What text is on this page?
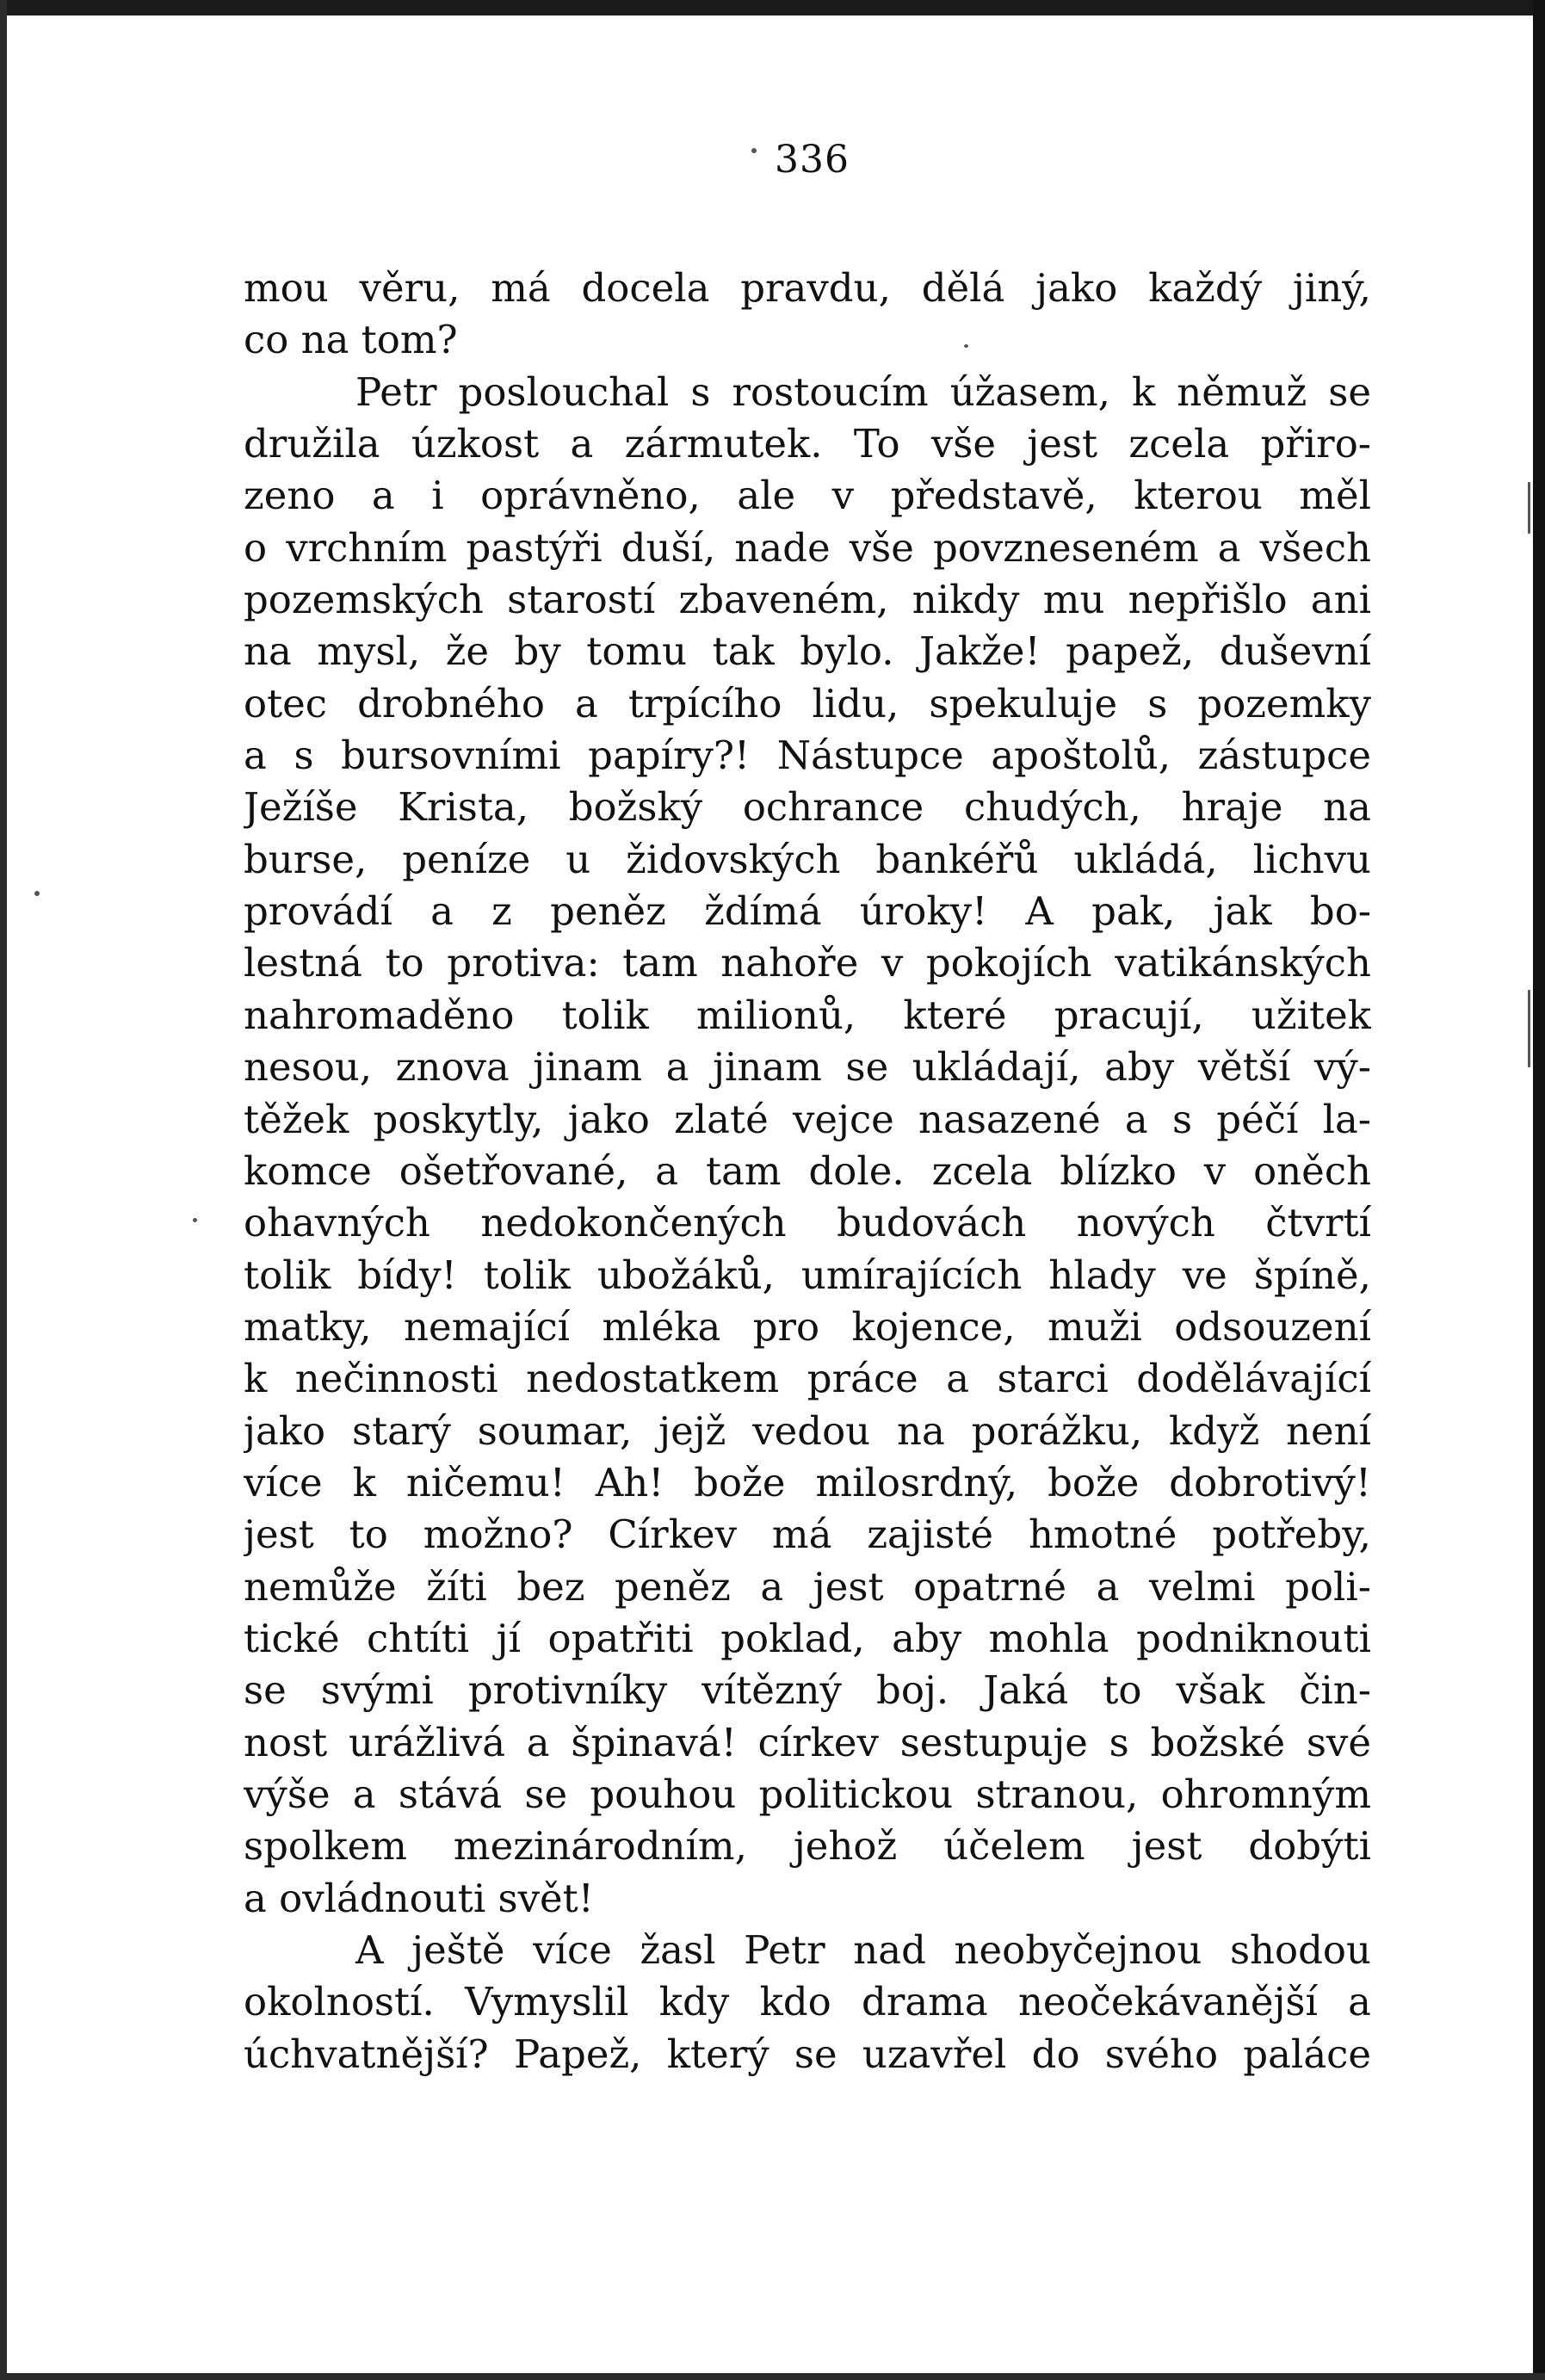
336
mou věru, má docela pravdu, dělá jako každý jiný,
co na tom?
Petr poslouchal s rostoucím úžasem, k němuž se
družila úzkost a zármutek. To vše jest zcela přiro-
zeno a i oprávněno, ale v představě, kterou měl
o vrchním pastýři duší, nade vše povzneseném a všech
pozemských starostí zbaveném, nikdy mu nepřišlo ani
na mysl, že by tomu tak bylo. Jakže! papež, duševní
otec drobného a trpícího lidu, spekuluje s pozemky
a s bursovními papíry?! Nástupce apoštolů, zástupce
Ježíše Krista, božský ochrance chudých, hraje na
burse, peníze u židovských bankéřů ukládá, lichvu
provádí a z peněz ždímá úroky! A pak, jak bo-
lestná to protiva: tam nahoře v pokojích vatikánských
nahromaděno tolik milionů, které pracují, užitek
nesou, znova jinam a jinam se ukládají, aby větší vý-
těžek poskytly, jako zlaté vejce nasazené a s péčí la-
komce ošetřované, a tam dole. zcela blízko v oněch
ohavných nedokončených budovách nových čtvrtí
tolik bídy! tolik ubožáků, umírajících hlady ve špíně,
matky, nemající mléka pro kojence, muži odsouzení
k nečinnosti nedostatkem práce a starci dodělávající
jako starý soumar, jejž vedou na porážku, když není
více k ničemu! Ah! bože milosrdný, bože dobrotivý!
jest to možno? Církev má zajisté hmotné potřeby,
nemůže žíti bez peněz a jest opatrné a velmi poli-
tické chtíti jí opatřiti poklad, aby mohla podniknouti
se svými protivníky vítězný boj. Jaká to však čin-
nost urážlivá a špinavá! církev sestupuje s božské své
výše a stává se pouhou politickou stranou, ohromným
spolkem mezinárodním, jehož účelem jest dobýti
a ovládnouti svět!
A ještě více žasl Petr nad neobyčejnou shodou
okolností. Vymyslil kdy kdo drama neočekávanější a
úchvatnější? Papež, který se uzavřel do svého paláce
